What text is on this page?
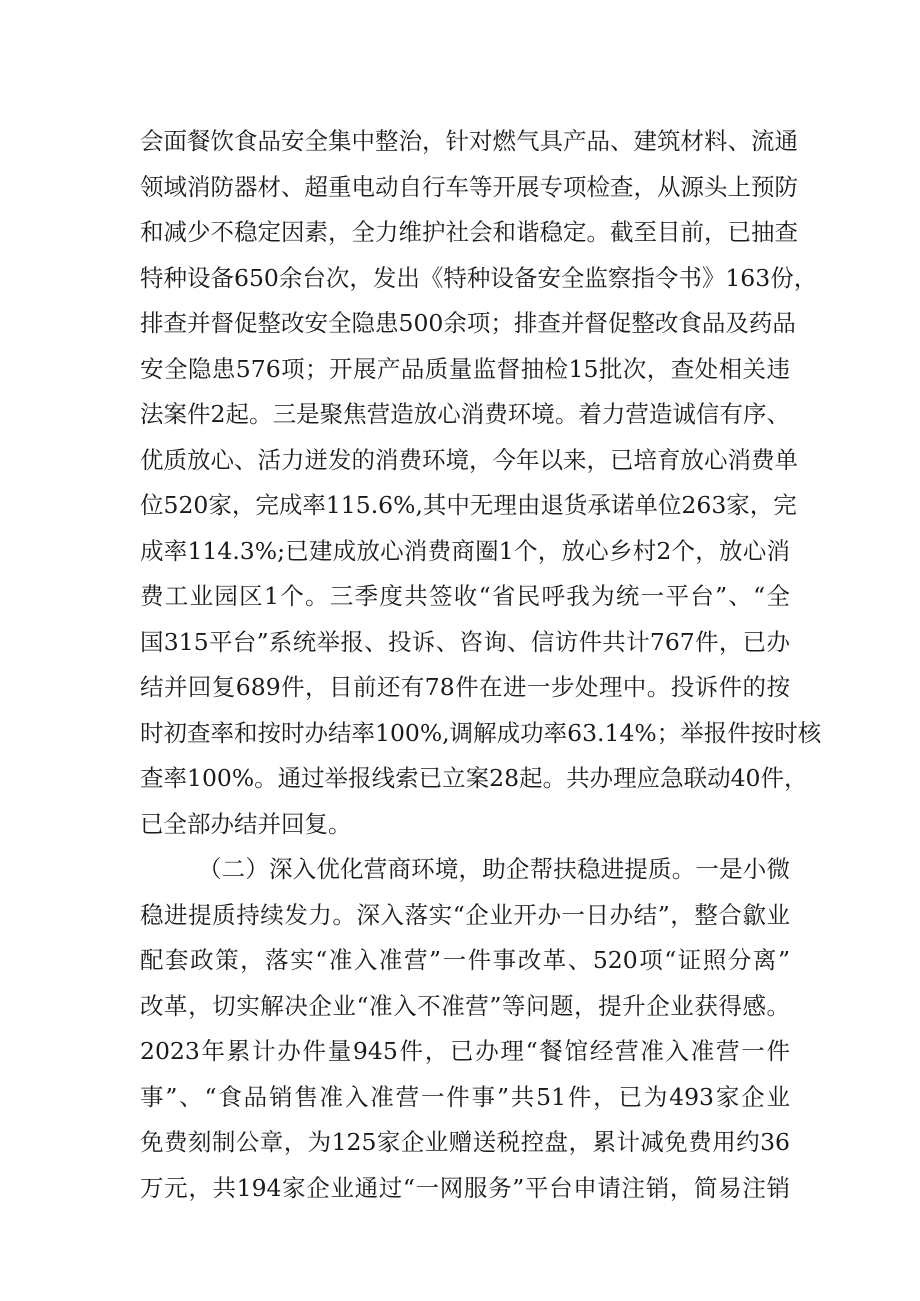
会面餐饮食品安全集中整治，针对燃气具产品、建筑材料、流通
领域消防器材、超重电动自行车等开展专项检查，从源头上预防
和减少不稳定因素，全力维护社会和谐稳定。截至目前，已抽查
特种设备650余台次，发出《特种设备安全监察指令书》163份，
排查并督促整改安全隐患500余项；排查并督促整改食品及药品
安全隐患576项；开展产品质量监督抽检15批次，查处相关违
法案件2起。三是聚焦营造放心消费环境。着力营造诚信有序、
优质放心、活力迸发的消费环境，今年以来，已培育放心消费单
位520家，完成率115.6%,其中无理由退货承诺单位263家，完
成率114.3%;已建成放心消费商圈1个，放心乡村2个，放心消
费工业园区1个。三季度共签收“省民呼我为统一平台”、“全
国315平台”系统举报、投诉、咨询、信访件共计767件，已办
结并回复689件，目前还有78件在进一步处理中。投诉件的按
时初查率和按时办结率100%,调解成功率63.14%；举报件按时核
查率100%。通过举报线索已立案28起。共办理应急联动40件，
已全部办结并回复。

（二）深入优化营商环境，助企帮扶稳进提质。一是小微
稳进提质持续发力。深入落实“企业开办一日办结”，整合歙业
配套政策，落实“准入准营”一件事改革、520项“证照分离”
改革，切实解决企业“准入不准营”等问题，提升企业获得感。
2023年累计办件量945件，已办理“餐馆经营准入准营一件
事”、“食品销售准入准营一件事”共51件，已为493家企业
免费刻制公章，为125家企业赠送税控盘，累计减免费用约36
万元，共194家企业通过“一网服务”平台申请注销，简易注销
